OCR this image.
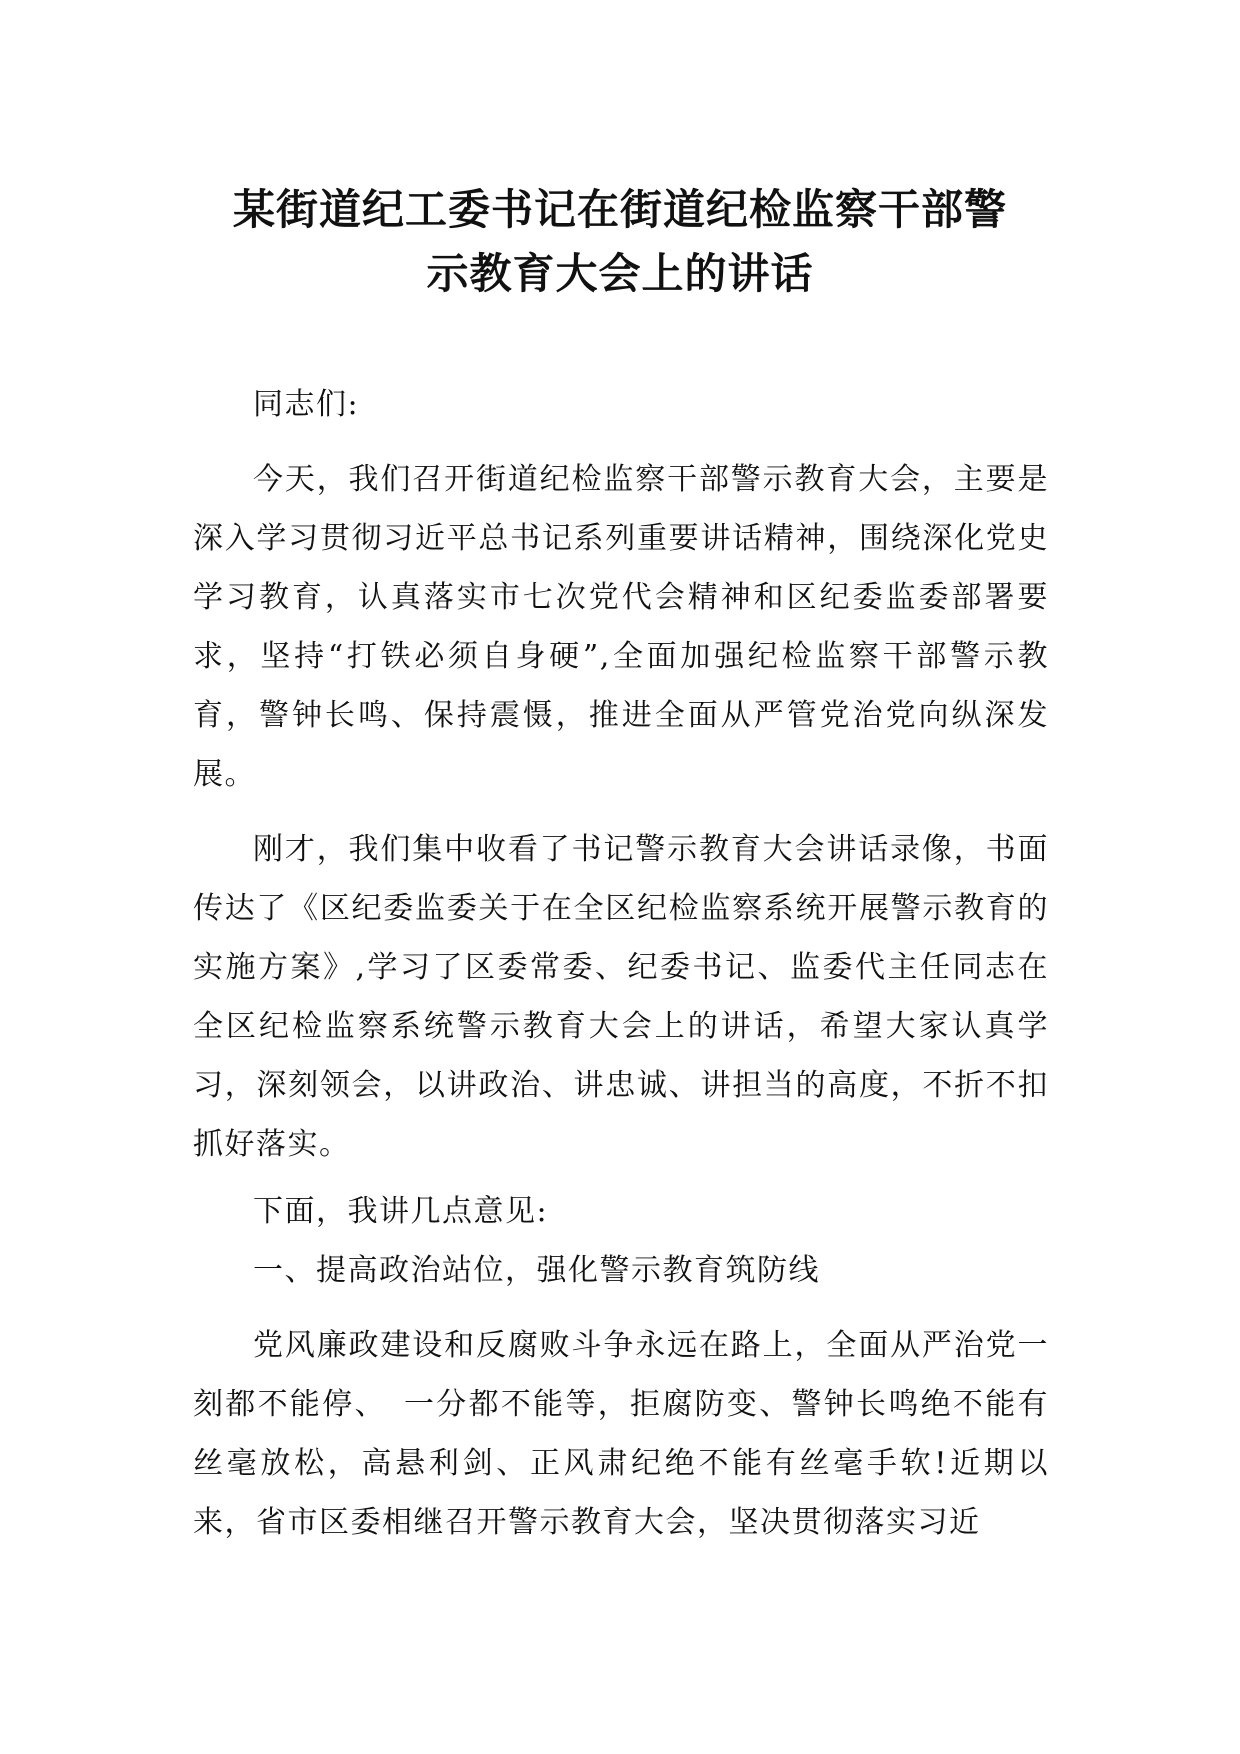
某街道纪工委书记在街道纪检监察干部警
示教育大会上的讲话

同志们:

今天，我们召开街道纪检监察干部警示教育大会，主要是深入学习贯彻习近平总书记系列重要讲话精神，围绕深化党史学习教育，认真落实市七次党代会精神和区纪委监委部署要求，坚持“打铁必须自身硬”,全面加强纪检监察干部警示教育，警钟长鸣、保持震慑，推进全面从严管党治党向纵深发展。

刚才，我们集中收看了书记警示教育大会讲话录像，书面传达了《区纪委监委关于在全区纪检监察系统开展警示教育的实施方案》,学习了区委常委、纪委书记、监委代主任同志在全区纪检监察系统警示教育大会上的讲话，希望大家认真学习，深刻领会，以讲政治、讲忠诚、讲担当的高度，不折不扣抓好落实。

下面，我讲几点意见:

一、提高政治站位，强化警示教育筑防线

党风廉政建设和反腐败斗争永远在路上，全面从严治党一刻都不能停、　一分都不能等，拒腐防变、警钟长鸣绝不能有丝毫放松，高悬利剑、正风肃纪绝不能有丝毫手软!近期以来，省市区委相继召开警示教育大会，坚决贯彻落实习近
